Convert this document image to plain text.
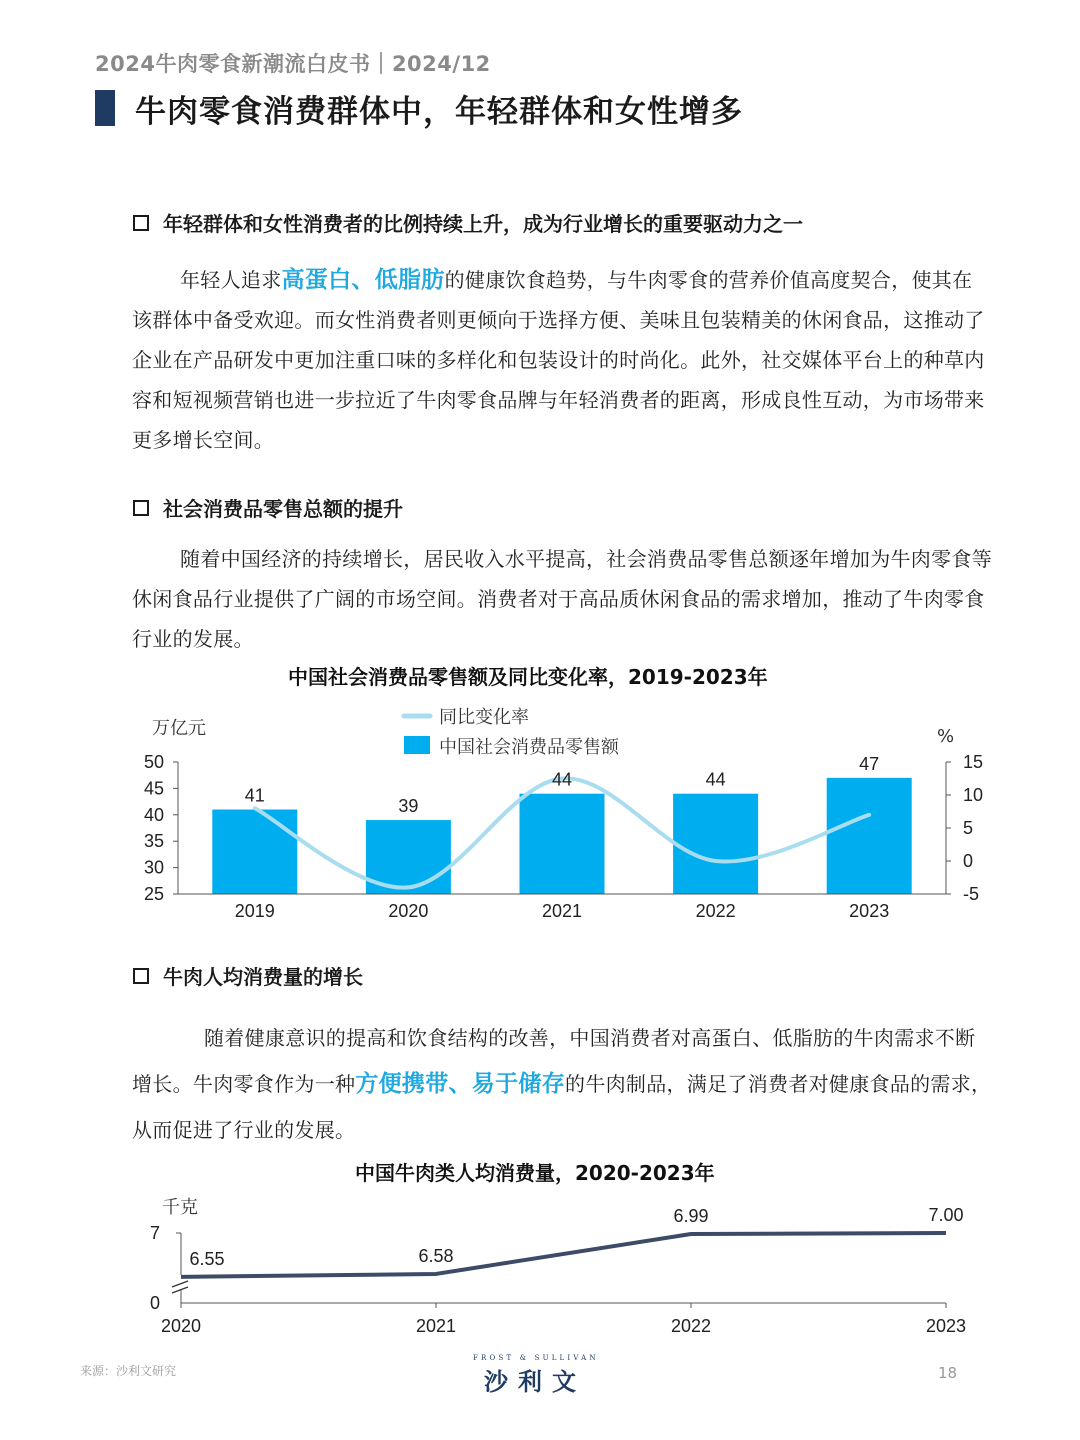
2024牛肉零食新潮流白皮书｜2024/12
牛肉零食消费群体中，年轻群体和女性增多
年轻群体和女性消费者的比例持续上升，成为行业增长的重要驱动力之一
年轻人追求高蛋白、低脂肪的健康饮食趋势，与牛肉零食的营养价值高度契合，使其在该群体中备受欢迎。而女性消费者则更倾向于选择方便、美味且包装精美的休闲食品，这推动了企业在产品研发中更加注重口味的多样化和包装设计的时尚化。此外，社交媒体平台上的种草内容和短视频营销也进一步拉近了牛肉零食品牌与年轻消费者的距离，形成良性互动，为市场带来更多增长空间。
社会消费品零售总额的提升
随着中国经济的持续增长，居民收入水平提高，社会消费品零售总额逐年增加为牛肉零食等休闲食品行业提供了广阔的市场空间。消费者对于高品质休闲食品的需求增加，推动了牛肉零食行业的发展。
中国社会消费品零售额及同比变化率，2019-2023年
万亿元	%
同比变化率
中国社会消费品零售额
41
2019
39
2020
44
2021
44
2022
47
2023
25
30
35
40
45
50
-5
0
5
10
15
牛肉人均消费量的增长
随着健康意识的提高和饮食结构的改善，中国消费者对高蛋白、低脂肪的牛肉需求不断增长。牛肉零食作为一种方便携带、易于储存的牛肉制品，满足了消费者对健康食品的需求，从而促进了行业的发展。
中国牛肉类人均消费量，2020-2023年
千克
7
0
2020	2021	2022	2023
6.55	6.58
6.99	7.00
来源：沙利文研究
FROST & SULLIVAN
沙利文	18
